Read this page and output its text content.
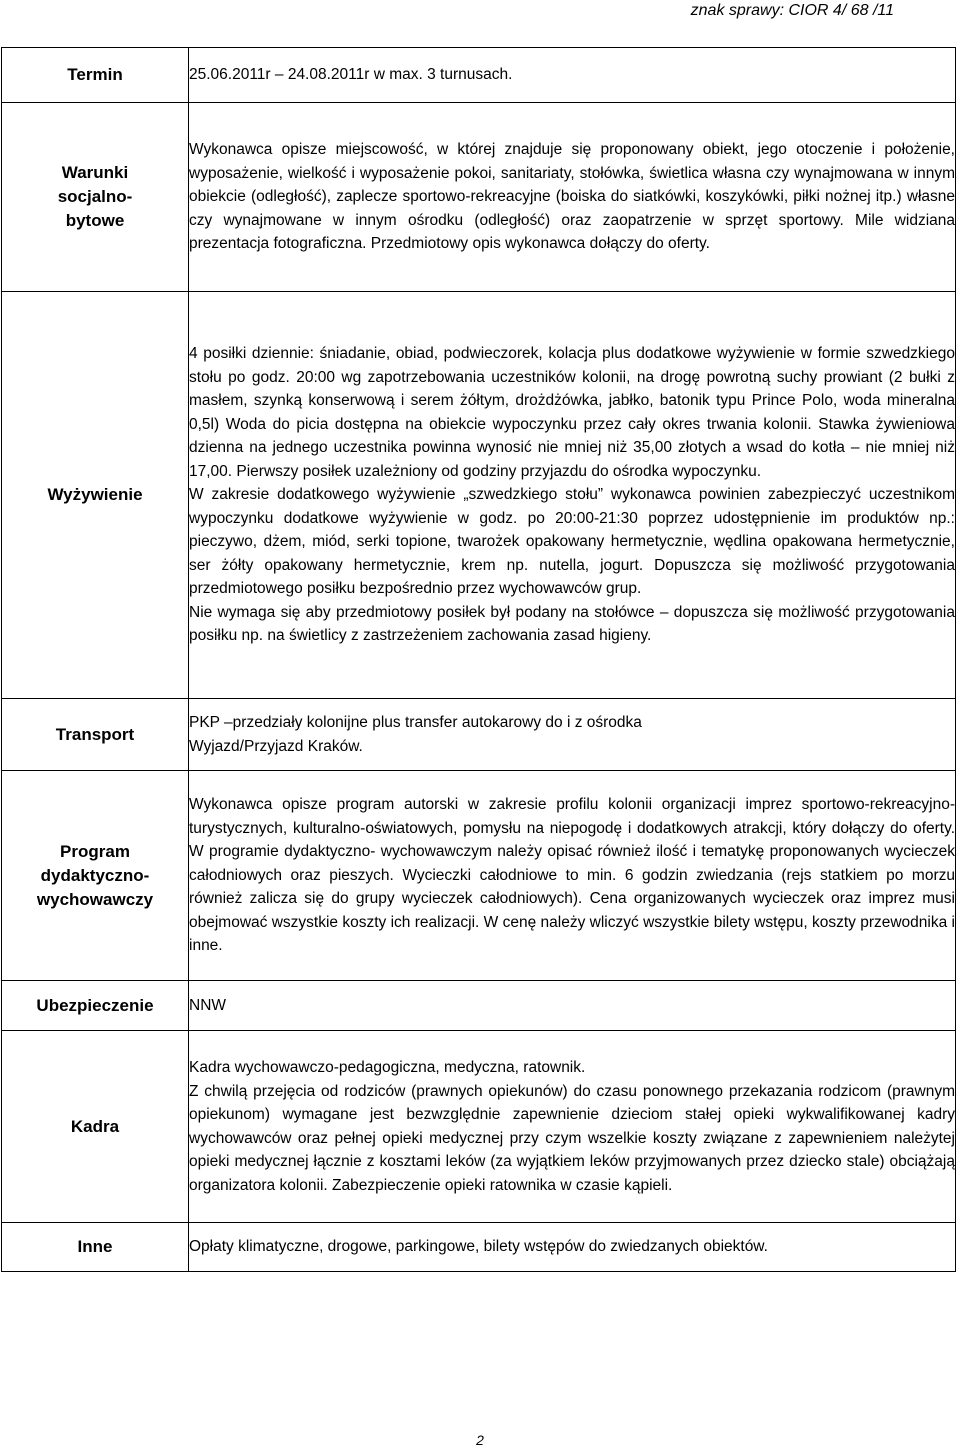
znak sprawy: CIOR 4/ 68 /11
Termin	25.06.2011r – 24.08.2011r w max. 3 turnusach.

Warunki socjalno-bytowe	Wykonawca opisze miejscowość, w której znajduje się proponowany obiekt, jego otoczenie i położenie, wyposażenie, wielkość i wyposażenie pokoi, sanitariaty, stołówka, świetlica własna czy wynajmowana w innym obiekcie (odległość), zaplecze sportowo-rekreacyjne (boiska do siatkówki, koszykówki, piłki nożnej itp.) własne czy wynajmowane w innym ośrodku (odległość) oraz zaopatrzenie w sprzęt sportowy. Mile widziana prezentacja fotograficzna. Przedmiotowy opis wykonawca dołączy do oferty.

Wyżywienie	4 posiłki dziennie: śniadanie, obiad, podwieczorek, kolacja plus dodatkowe wyżywienie w formie szwedzkiego stołu po godz. 20:00 wg zapotrzebowania uczestników kolonii, na drogę powrotną suchy prowiant (2 bułki z masłem, szynką konserwową i serem żółtym, drożdżówka, jabłko, batonik typu Prince Polo, woda mineralna 0,5l) Woda do picia dostępna na obiekcie wypoczynku przez cały okres trwania kolonii. Stawka żywieniowa dzienna na jednego uczestnika powinna wynosić nie mniej niż 35,00 złotych a wsad do kotła – nie mniej niż 17,00. Pierwszy posiłek uzależniony od godziny przyjazdu do ośrodka wypoczynku.

W zakresie dodatkowego wyżywienie „szwedzkiego stołu” wykonawca powinien zabezpieczyć uczestnikom wypoczynku dodatkowe wyżywienie w godz. po 20:00-21:30 poprzez udostępnienie im produktów np.: pieczywo, dżem, miód, serki topione, twarożek opakowany hermetycznie, wędlina opakowana hermetycznie, ser żółty opakowany hermetycznie, krem np. nutella, jogurt. Dopuszcza się możliwość przygotowania przedmiotowego posiłku bezpośrednio przez wychowawców grup.

Nie wymaga się aby przedmiotowy posiłek był podany na stołówce – dopuszcza się możliwość przygotowania posiłku np. na świetlicy z zastrzeżeniem zachowania zasad higieny.

Transport	PKP –przedziały kolonijne plus transfer autokarowy do i z ośrodka

Wyjazd/Przyjazd Kraków.

Program dydaktyczno-wychowawczy	Wykonawca opisze program autorski w zakresie profilu kolonii organizacji imprez sportowo-rekreacyjno-turystycznych, kulturalno-oświatowych, pomysłu na niepogodę i dodatkowych atrakcji, który dołączy do oferty. W programie dydaktyczno- wychowawczym należy opisać również ilość i tematykę proponowanych wycieczek całodniowych oraz pieszych. Wycieczki całodniowe to min. 6 godzin zwiedzania (rejs statkiem po morzu również zalicza się do grupy wycieczek całodniowych). Cena organizowanych wycieczek oraz imprez musi obejmować wszystkie koszty ich realizacji. W cenę należy wliczyć wszystkie bilety wstępu, koszty przewodnika i inne.

Ubezpieczenie	NNW

Kadra	Kadra wychowawczo-pedagogiczna, medyczna, ratownik.

Z chwilą przejęcia od rodziców (prawnych opiekunów) do czasu ponownego przekazania rodzicom (prawnym opiekunom) wymagane jest bezwzględnie zapewnienie dzieciom stałej opieki wykwalifikowanej kadry wychowawców oraz pełnej opieki medycznej przy czym wszelkie koszty związane z zapewnieniem należytej opieki medycznej łącznie z kosztami leków (za wyjątkiem leków przyjmowanych przez dziecko stale) obciążają organizatora kolonii. Zabezpieczenie opieki ratownika w czasie kąpieli.

Inne	Opłaty klimatyczne, drogowe, parkingowe, bilety wstępów do zwiedzanych obiektów.

2
